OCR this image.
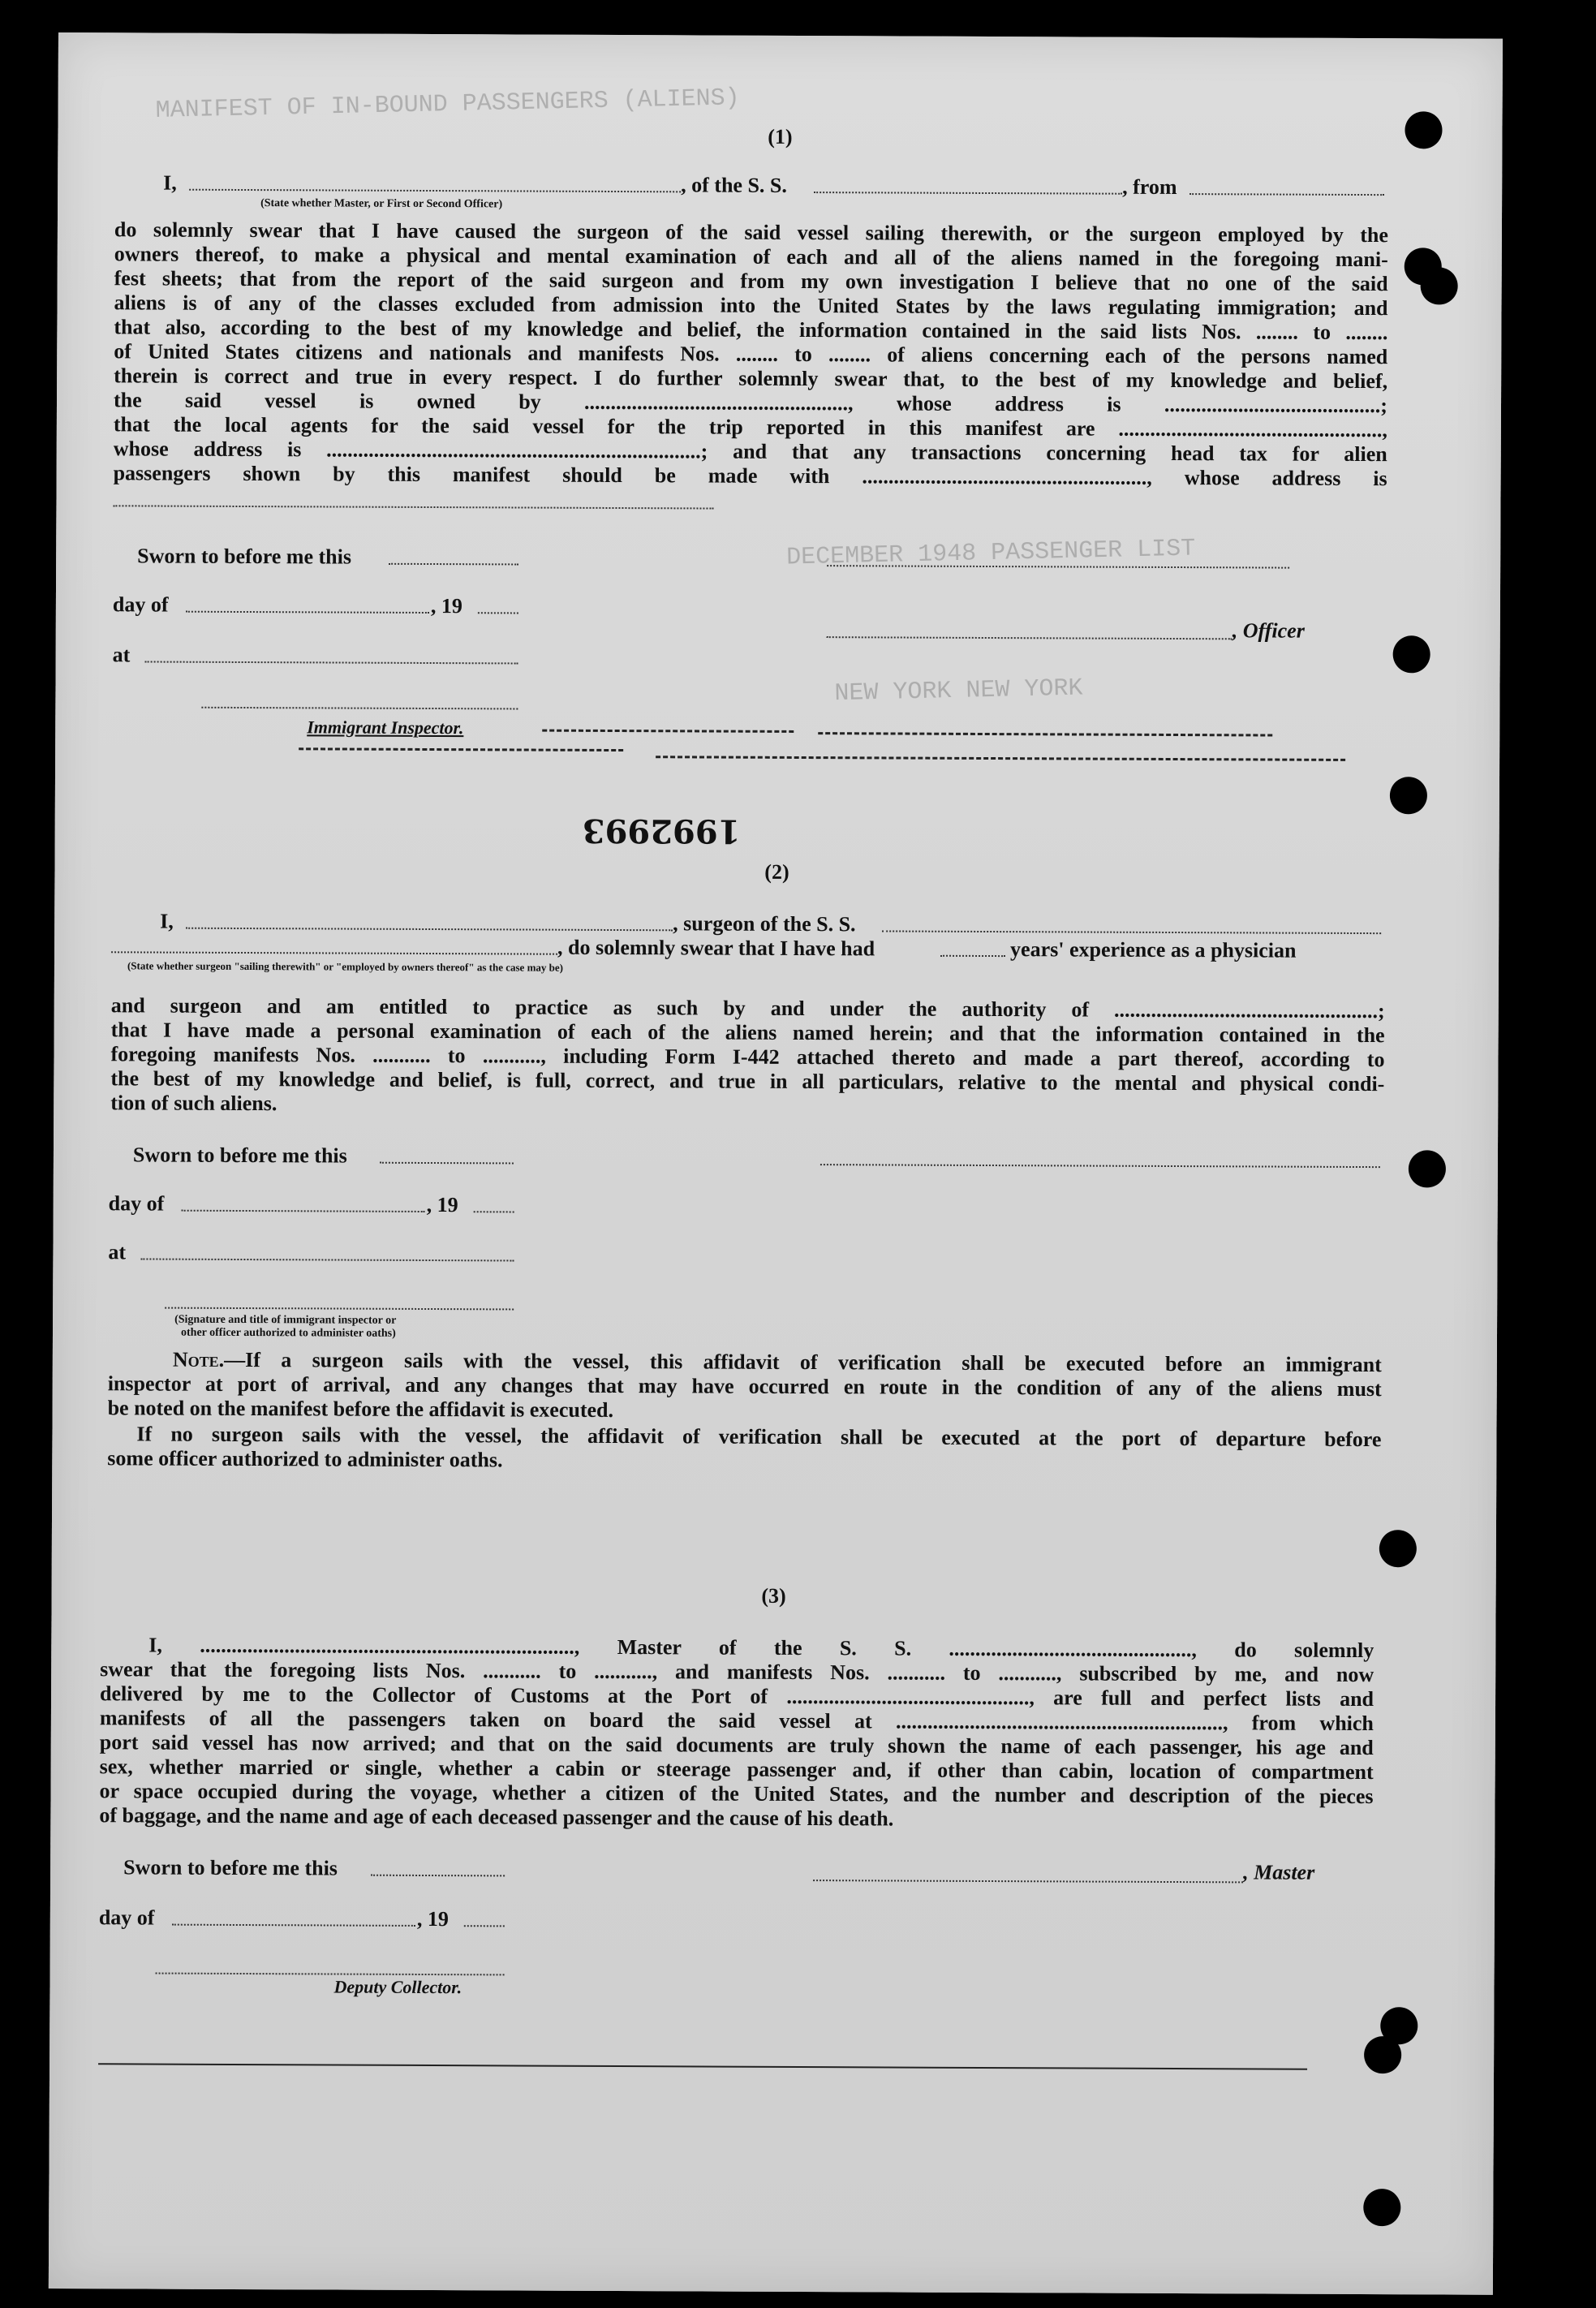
MANIFEST OF IN-BOUND PASSENGERS (ALIENS)
DECEMBER 1948 PASSENGER LIST
NEW YORK NEW YORK
(1)
I,	, of the S. S.	, from
(State whether Master, or First or Second Officer)
do solemnly swear that I have caused the surgeon of the said vessel sailing therewith, or the surgeon employed by the
owners thereof, to make a physical and mental examination of each and all of the aliens named in the foregoing mani-
fest sheets; that from the report of the said surgeon and from my own investigation I believe that no one of the said
aliens is of any of the classes excluded from admission into the United States by the laws regulating immigration; and
that also, according to the best of my knowledge and belief, the information contained in the said lists Nos. ........ to ........
of United States citizens and nationals and manifests Nos. ........ to ........ of aliens concerning each of the persons named
therein is correct and true in every respect. I do further solemnly swear that, to the best of my knowledge and belief,
the said vessel is owned by .................................................., whose address is .........................................;
that the local agents for the said vessel for the trip reported in this manifest are ..................................................,
whose address is .......................................................................; and that any transactions concerning head tax for alien
passengers shown by this manifest should be made with ......................................................, whose address is
Sworn to before me this
day of	, 19
at
, Officer
Immigrant Inspector.
1992993
(2)
I,	, surgeon of the S. S.
, do solemnly swear that I have had	years' experience as a physician
(State whether surgeon "sailing therewith" or "employed by owners thereof" as the case may be)
and surgeon and am entitled to practice as such by and under the authority of ..................................................;
that I have made a personal examination of each of the aliens named herein; and that the information contained in the
foregoing manifests Nos. ........... to ..........., including Form I-442 attached thereto and made a part thereof, according to
the best of my knowledge and belief, is full, correct, and true in all particulars, relative to the mental and physical condi-
tion of such aliens.
Sworn to before me this
day of	, 19
at
(Signature and title of immigrant inspector or
other officer authorized to administer oaths)
Note.—If a surgeon sails with the vessel, this affidavit of verification shall be executed before an immigrant
inspector at port of arrival, and any changes that may have occurred en route in the condition of any of the aliens must
be noted on the manifest before the affidavit is executed.
If no surgeon sails with the vessel, the affidavit of verification shall be executed at the port of departure before
some officer authorized to administer oaths.
(3)
I, ......................................................................., Master of the S. S. .............................................., do solemnly
swear that the foregoing lists Nos. ........... to ..........., and manifests Nos. ........... to ..........., subscribed by me, and now
delivered by me to the Collector of Customs at the Port of .............................................., are full and perfect lists and
manifests of all the passengers taken on board the said vessel at .............................................................., from which
port said vessel has now arrived; and that on the said documents are truly shown the name of each passenger, his age and
sex, whether married or single, whether a cabin or steerage passenger and, if other than cabin, location of compartment
or space occupied during the voyage, whether a citizen of the United States, and the number and description of the pieces
of baggage, and the name and age of each deceased passenger and the cause of his death.
Sworn to before me this	, Master
day of	, 19
Deputy Collector.
